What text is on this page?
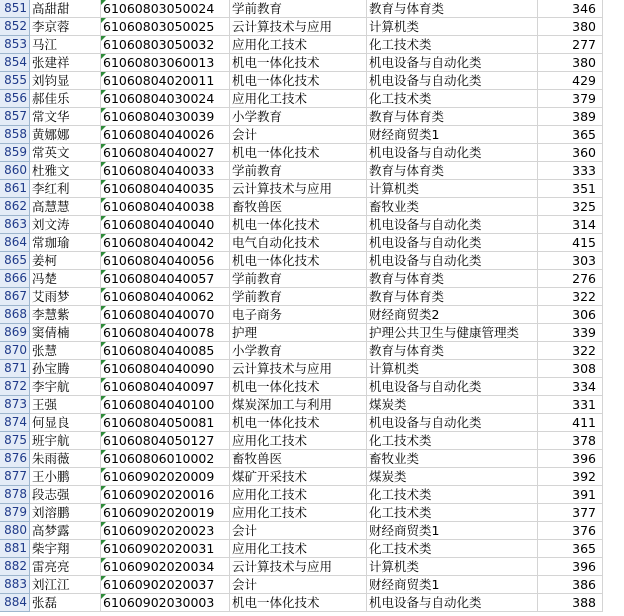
851	高甜甜	61060803050024	学前教育	教育与体育类	346
852	李京蓉	61060803050025	云计算技术与应用	计算机类	380
853	马江	61060803050032	应用化工技术	化工技术类	277
854	张建祥	61060803060013	机电一体化技术	机电设备与自动化类	380
855	刘钧显	61060804020011	机电一体化技术	机电设备与自动化类	429
856	郝佳乐	61060804030024	应用化工技术	化工技术类	379
857	常文华	61060804030039	小学教育	教育与体育类	389
858	黄娜娜	61060804040026	会计	财经商贸类1	365
859	常英文	61060804040027	机电一体化技术	机电设备与自动化类	360
860	杜雅文	61060804040033	学前教育	教育与体育类	333
861	李红利	61060804040035	云计算技术与应用	计算机类	351
862	高慧慧	61060804040038	畜牧兽医	畜牧业类	325
863	刘文涛	61060804040040	机电一体化技术	机电设备与自动化类	314
864	常珈瑜	61060804040042	电气自动化技术	机电设备与自动化类	415
865	姜柯	61060804040056	机电一体化技术	机电设备与自动化类	303
866	冯楚	61060804040057	学前教育	教育与体育类	276
867	艾雨梦	61060804040062	学前教育	教育与体育类	322
868	李慧紫	61060804040070	电子商务	财经商贸类2	306
869	窦倩楠	61060804040078	护理	护理公共卫生与健康管理类	339
870	张慧	61060804040085	小学教育	教育与体育类	322
871	孙宝腾	61060804040090	云计算技术与应用	计算机类	308
872	李宇航	61060804040097	机电一体化技术	机电设备与自动化类	334
873	王强	61060804040100	煤炭深加工与利用	煤炭类	331
874	何显良	61060804050081	机电一体化技术	机电设备与自动化类	411
875	班宇航	61060804050127	应用化工技术	化工技术类	378
876	朱雨薇	61060806010002	畜牧兽医	畜牧业类	396
877	王小鹏	61060902020009	煤矿开采技术	煤炭类	392
878	段志强	61060902020016	应用化工技术	化工技术类	391
879	刘溶鹏	61060902020019	应用化工技术	化工技术类	377
880	高梦露	61060902020023	会计	财经商贸类1	376
881	柴宇翔	61060902020031	应用化工技术	化工技术类	365
882	雷亮亮	61060902020034	云计算技术与应用	计算机类	396
883	刘江江	61060902020037	会计	财经商贸类1	386
884	张磊	61060902030003	机电一体化技术	机电设备与自动化类	388
